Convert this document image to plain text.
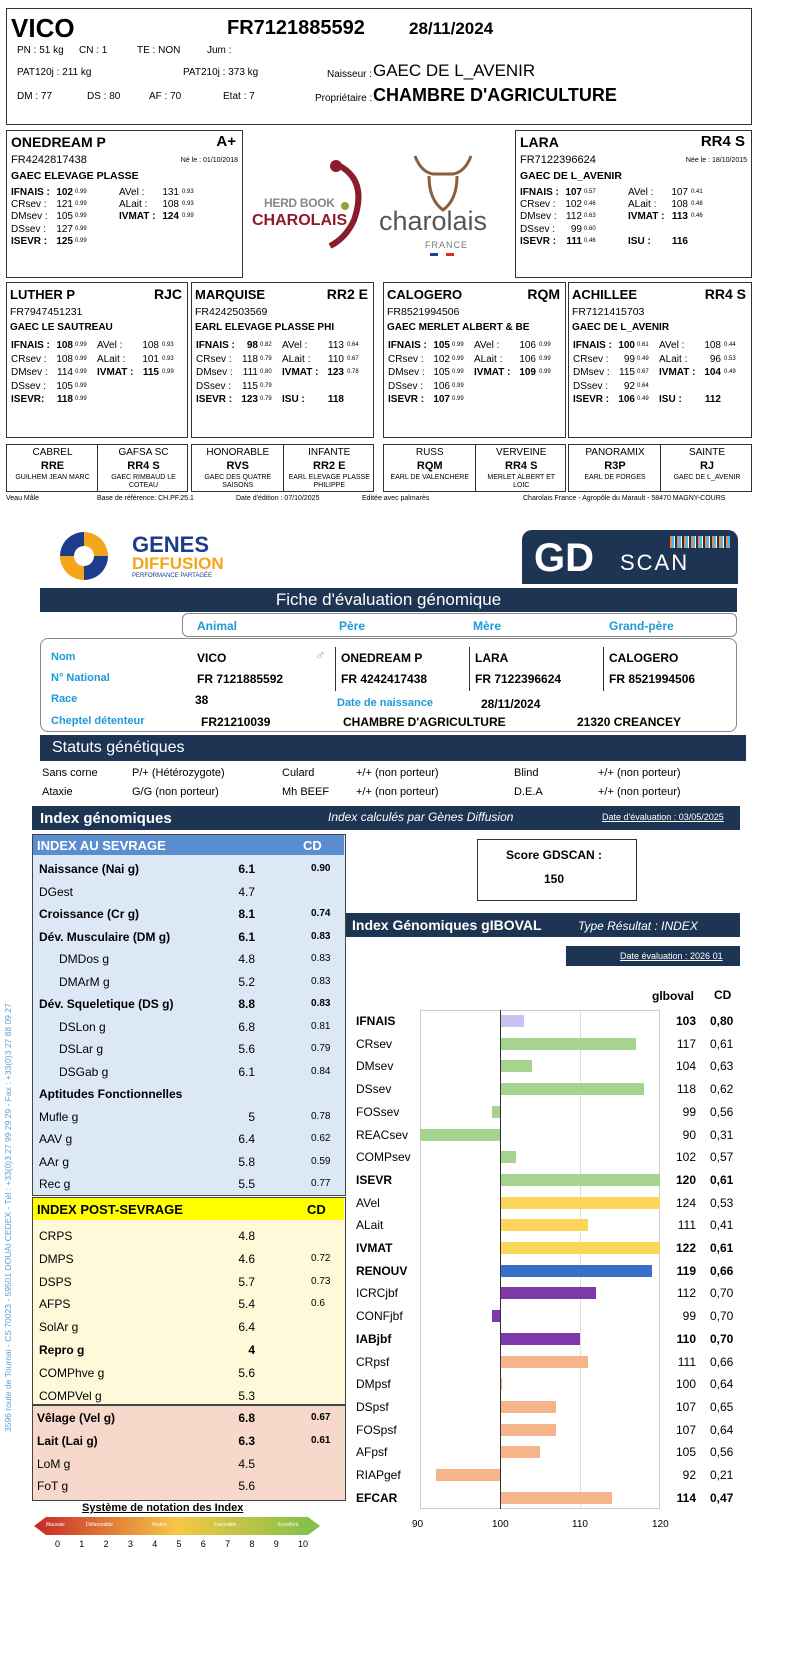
VICO	FR7121885592	28/11/2024
PN : 51 kg CN : 1	TE : NON	Jum :
PAT120j : 211 kg	PAT210j : 373 kg	Naisseur : GAEC DE L_AVENIR
DM : 77	DS : 80	AF : 70	Etat : 7	Propriétaire : CHAMBRE D'AGRICULTURE
ONEDREAM P	A+
FR4242817438	Né le : 01/10/2018
GAEC ELEVAGE PLASSE
IFNAIS : 102 0.99
CRsev : 121 0.99
DMsev : 105 0.99
DSsev : 127 0.99
ISEVR : 125 0.99
AVel :	131 0.93
ALait :	108 0.93
IVMAT : 124 0.99
LARA	RR4 S
FR7122396624	Née le : 18/10/2015
GAEC DE L_AVENIR
IFNAIS : 107 0.57
CRsev : 102 0.46
DMsev : 112 0.63
DSsev :	99 0.60
ISEVR : 111 0.46
AVel :	107 0.41
ALait :	108 0.48
IVMAT : 113 0.46
ISU :	116
HERD BOOK
CHAROLAIS charolais
FRANCE
LUTHER P	RJC
FR7947451231
GAEC LE SAUTREAU
IFNAIS : 108 0.99
CRsev : 108 0.99
DMsev : 114 0.99
DSsev :	105 0.99
ISEVR:	118 0.99
AVel :	108 0.93
ALait :	101 0.93
IVMAT : 115 0.99
MARQUISE	RR2 E
FR4242503569
EARL ELEVAGE PLASSE PHI
IFNAIS :	98 0.82
CRsev :	118 0.79
DMsev :	111 0.80
DSsev :	115 0.79
ISEVR : 123 0.79
AVel :	113 0.64
ALait :	110 0.67
IVMAT : 123 0.78
ISU :	118
CALOGERO	RQM
FR8521994506
GAEC MERLET ALBERT & BE
IFNAIS : 105 0.99
CRsev : 102 0.99
DMsev : 105 0.99
DSsev :	106 0.99
ISEVR : 107 0.99
AVel :	106 0.99
ALait :	106 0.99
IVMAT : 109 0.99
ACHILLEE	RR4 S
FR7121415703
GAEC DE L_AVENIR
IFNAIS : 100 0.61
CRsev :	99 0.49
DMsev : 115 0.67
DSsev :	92 0.64
ISEVR : 106 0.49
AVel :	108 0.44
ALait :	96 0.53
IVMAT : 104 0.49
ISU :	112
CABREL
RRE
GUILHEM JEAN MARC
GAFSA SC
RR4 S
GAEC RIMBAUD LE COTEAU
HONORABLE
RVS
GAEC DES QUATRE SAISONS
INFANTE
RR2 E
EARL ELEVAGE PLASSE PHILIPPE
RUSS
RQM
EARL DE VALENCHERE
VERVEINE
RR4 S
MERLET ALBERT ET LOIC
PANORAMIX
R3P
EARL DE FORGES
SAINTE
RJ
GAEC DE L_AVENIR
Veau Mâle	Base de référence: CH.PF.25.1	Date d'édition : 07/10/2025	Editée avec palmarès	Charolais France - Agropôle du Marault - 58470 MAGNY-COURS
GENES
DIFFUSION
PERFORMANCE PARTAGÉE	GD SCAN
Fiche d'évaluation génomique
Animal	Père	Mère	Grand-père
Nom	VICO	♂ ONEDREAM P	LARA	CALOGERO
N° National	FR 7121885592	FR 4242417438	FR 7122396624	FR 8521994506
Race	38	Date de naissance	28/11/2024
Cheptel détenteur	FR21210039	CHAMBRE D'AGRICULTURE	21320 CREANCEY
Statuts génétiques
Sans corne	P/+ (Hétérozygote)	Culard	+/+ (non porteur)	Blind	+/+ (non porteur)
Ataxie	G/G (non porteur)	Mh BEEF +/+ (non porteur)	D.E.A	+/+ (non porteur)
Index génomiques	Index calculés par Gènes Diffusion	Date d'évaluation : 03/05/2025
INDEX AU SEVRAGE	CD
Naissance (Nai g)	6.1	0.90
DGest	4.7
Croissance (Cr g)	8.1	0.74
Dév. Musculaire (DM g)	6.1	0.83
DMDos g	4.8	0.83
DMArM g	5.2	0.83
Dév. Squeletique (DS g)	8.8	0.83
DSLon g	6.8	0.81
DSLar g	5.6	0.79
DSGab g	6.1	0.84
Aptitudes Fonctionnelles
Mufle g	5	0.78
AAV g	6.4	0.62
AAr g	5.8	0.59
Rec g	5.5	0.77
INDEX POST-SEVRAGE	CD
CRPS	4.8
DMPS	4.6	0.72
DSPS	5.7	0.73
AFPS	5.4	0.6
SolAr g	6.4
Repro g	4
COMPhve g	5.6
COMPVel g	5.3
Vêlage (Vel g)	6.8	0.67
Lait (Lai g)	6.3	0.61
LoM g	4.5
FoT g	5.6
Système de notation des Index
Mauvais	Défavorable	Neutre	Favorable	Excellent
0 1 2 3 4 5 6 7 8 9 10
3596 route de Tournai - CS 70023 - 59501 DOUAI CEDEX - Tél : +33(0)3 27 99 29 29 - Fax : +33(0)3 27 88 09 27
Score GDSCAN :
150
Index Génomiques gIBOVAL	Type Résultat : INDEX
Date évaluation : 2026 01
glboval CD
IFNAIS	103 0,80
CRsev	117 0,61
DMsev	104 0,63
DSsev	118 0,62
FOSsev	99 0,56
REACsev	90 0,31
COMPsev	102 0,57
ISEVR	120 0,61
AVel	124 0,53
ALait	111 0,41
IVMAT	122 0,61
RENOUV	119 0,66
ICRCjbf	112 0,70
CONFjbf	99 0,70
IABjbf	110 0,70
CRpsf	111 0,66
DMpsf	100 0,64
DSpsf	107 0,65
FOSpsf	107 0,64
AFpsf	105 0,56
RIAPgef	92 0,21
EFCAR	114 0,47
90	100	110	120
